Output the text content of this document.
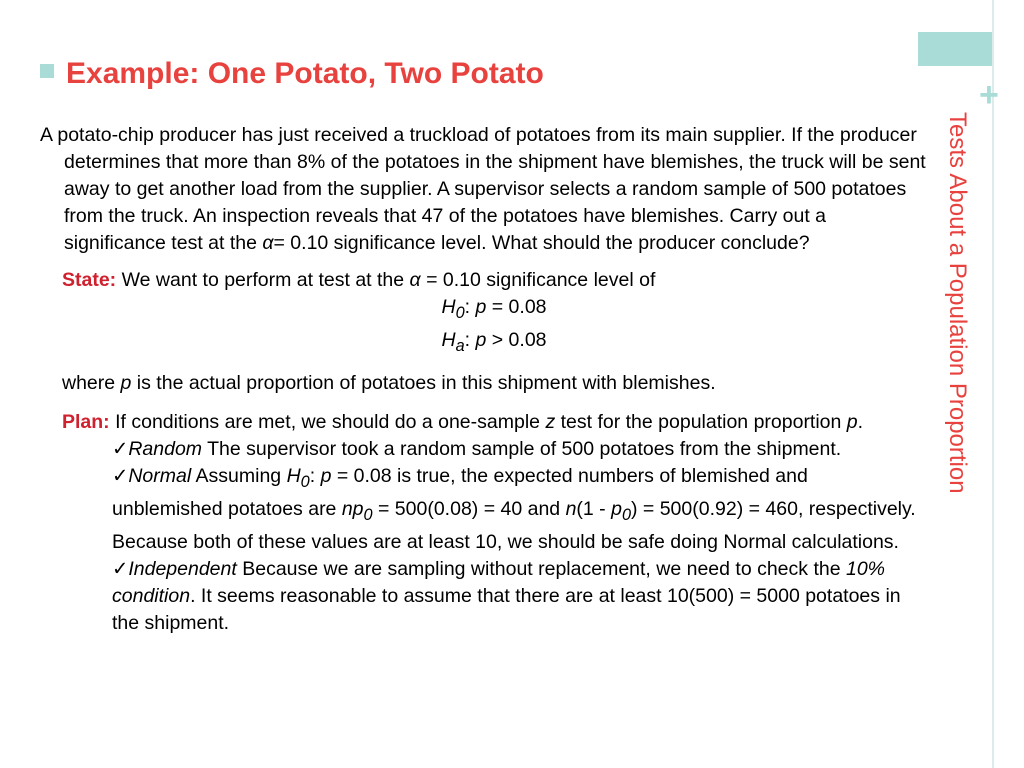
+
Tests About a Population Proportion
Example: One Potato, Two Potato

A potato-chip producer has just received a truckload of potatoes from its main supplier. If the producer determines that more than 8% of the potatoes in the shipment have blemishes, the truck will be sent away to get another load from the supplier. A supervisor selects a random sample of 500 potatoes from the truck. An inspection reveals that 47 of the potatoes have blemishes. Carry out a significance test at the α= 0.10 significance level. What should the producer conclude?

State: We want to perform at test at the α = 0.10 significance level of

$H_0$: p = 0.08

$H_a$: p > 0.08

where p is the actual proportion of potatoes in this shipment with blemishes.

Plan: If conditions are met, we should do a one-sample z test for the population proportion p.

✓Random The supervisor took a random sample of 500 potatoes from the shipment.

✓Normal Assuming $H_0$: p = 0.08 is true, the expected numbers of blemished and unblemished potatoes are $np_0 = 500(0.08) = 40$ and $n(1 - p_0) = 500(0.92) = 460$, respectively. Because both of these values are at least 10, we should be safe doing Normal calculations.

✓Independent Because we are sampling without replacement, we need to check the 10% condition. It seems reasonable to assume that there are at least 10(500) = 5000 potatoes in the shipment.
